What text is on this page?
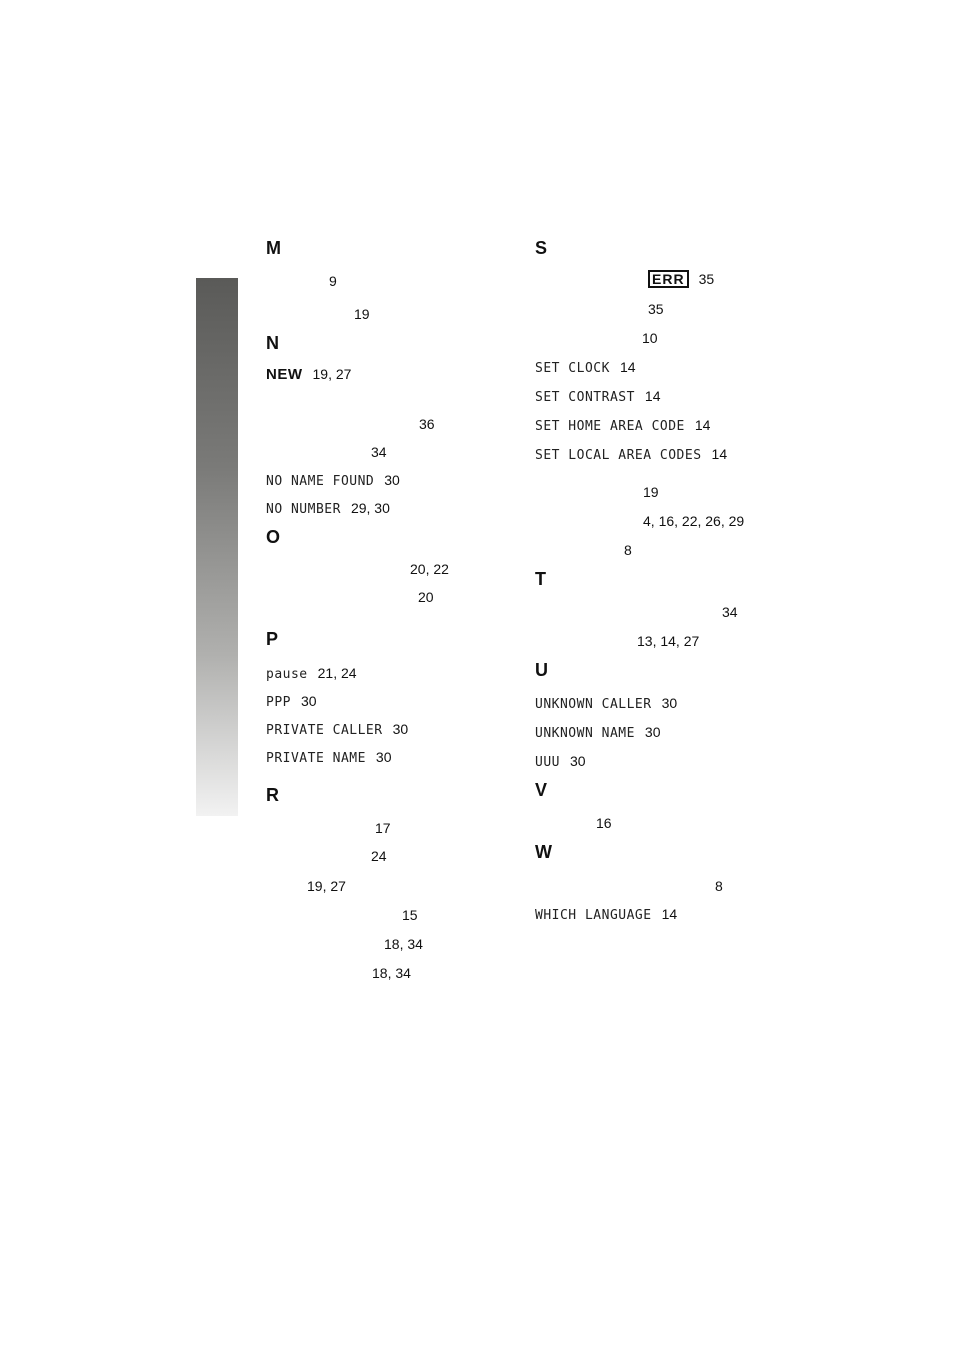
M
9
19
N
NEW 19, 27
36
34
NO NAME FOUND 30
NO NUMBER 29, 30
O
20, 22
20
P
pause 21, 24
PPP 30
PRIVATE CALLER 30
PRIVATE NAME 30
R
17
24
19, 27
15
18, 34
18, 34
S
ERR 35
35
10
SET CLOCK 14
SET CONTRAST 14
SET HOME AREA CODE 14
SET LOCAL AREA CODES 14
19
4, 16, 22, 26, 29
8
T
34
13, 14, 27
U
UNKNOWN CALLER 30
UNKNOWN NAME 30
UUU 30
V
16
W
8
WHICH LANGUAGE 14
